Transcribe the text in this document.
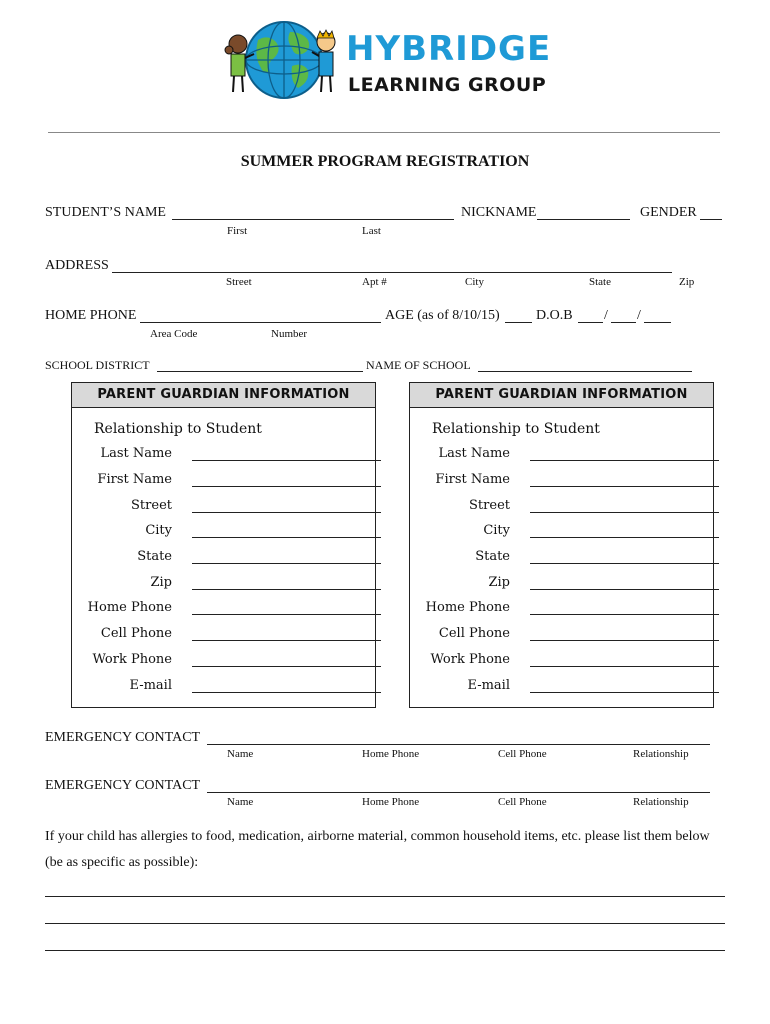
HYBRIDGE
LEARNING GROUP
SUMMER PROGRAM REGISTRATION
STUDENT’S NAME	NICKNAME	GENDER
First	Last
ADDRESS
Street	Apt #	City	State	Zip
HOME PHONE	AGE (as of 8/10/15)	D.O.B / /
Area Code	Number
SCHOOL DISTRICT	NAME OF SCHOOL
PARENT GUARDIAN INFORMATION
Relationship to Student
Last Name
First Name
Street
City
State
Zip
Home Phone
Cell Phone
Work Phone
E-mail
PARENT GUARDIAN INFORMATION
Relationship to Student
Last Name
First Name
Street
City
State
Zip
Home Phone
Cell Phone
Work Phone
E-mail
EMERGENCY CONTACT
Name	Home Phone	Cell Phone	Relationship
EMERGENCY CONTACT
Name	Home Phone	Cell Phone	Relationship
If your child has allergies to food, medication, airborne material, common household items, etc. please list them below
(be as specific as possible):
